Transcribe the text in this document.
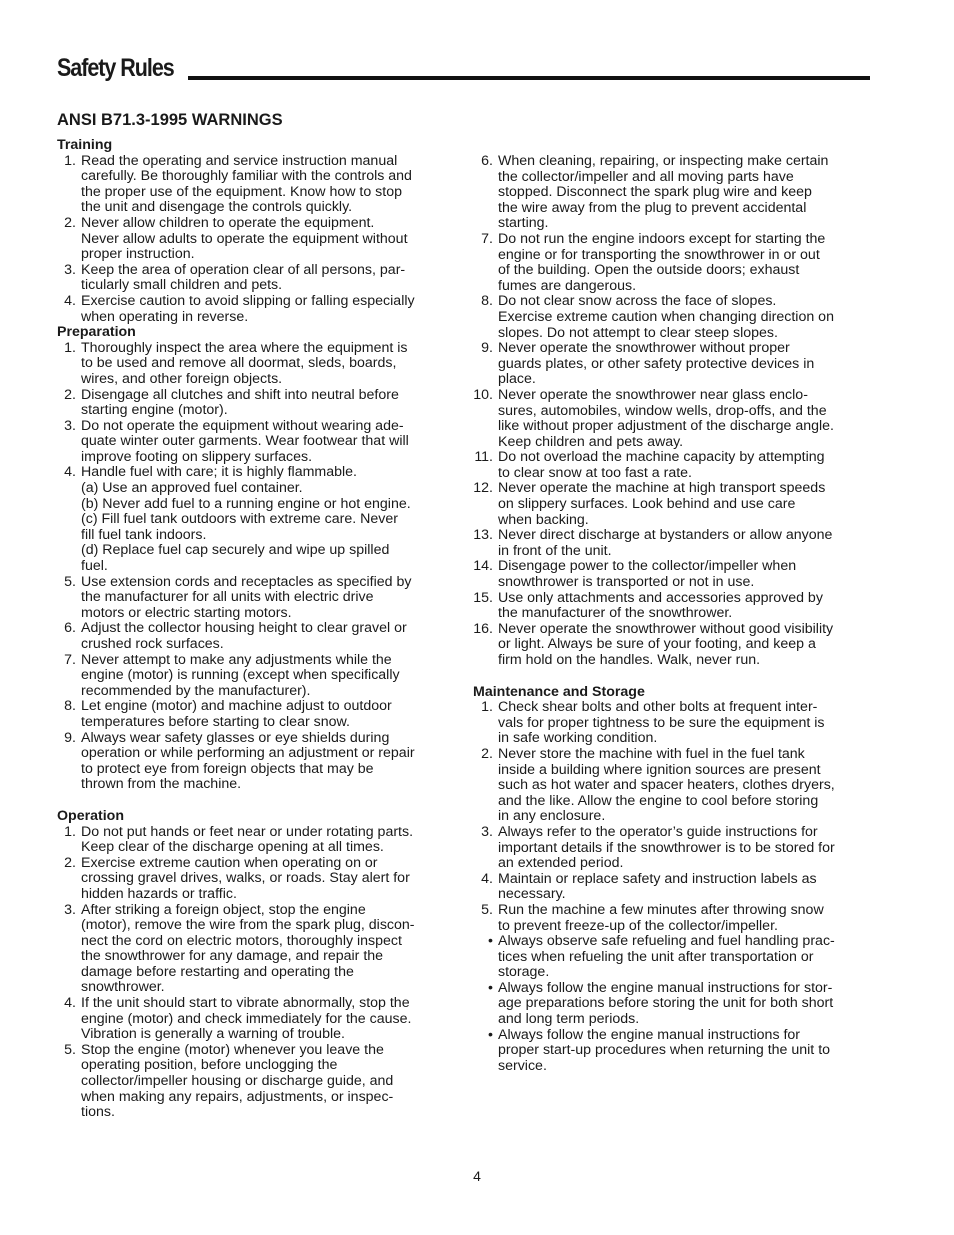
Safety Rules
ANSI B71.3-1995 WARNINGS
Training
1. Read the operating and service instruction manual
carefully. Be thoroughly familiar with the controls and
the proper use of the equipment. Know how to stop
the unit and disengage the controls quickly.
2. Never allow children to operate the equipment.
Never allow adults to operate the equipment without
proper instruction.
3. Keep the area of operation clear of all persons, par-
ticularly small children and pets.
4. Exercise caution to avoid slipping or falling especially
when operating in reverse.
Preparation
1. Thoroughly inspect the area where the equipment is
to be used and remove all doormat, sleds, boards,
wires, and other foreign objects.
2. Disengage all clutches and shift into neutral before
starting engine (motor).
3. Do not operate the equipment without wearing ade-
quate winter outer garments. Wear footwear that will
improve footing on slippery surfaces.
4. Handle fuel with care; it is highly flammable.
(a) Use an approved fuel container.
(b) Never add fuel to a running engine or hot engine.
(c) Fill fuel tank outdoors with extreme care. Never
fill fuel tank indoors.
(d) Replace fuel cap securely and wipe up spilled
fuel.
5. Use extension cords and receptacles as specified by
the manufacturer for all units with electric drive
motors or electric starting motors.
6. Adjust the collector housing height to clear gravel or
crushed rock surfaces.
7. Never attempt to make any adjustments while the
engine (motor) is running (except when specifically
recommended by the manufacturer).
8. Let engine (motor) and machine adjust to outdoor
temperatures before starting to clear snow.
9. Always wear safety glasses or eye shields during
operation or while performing an adjustment or repair
to protect eye from foreign objects that may be
thrown from the machine.
Operation
1. Do not put hands or feet near or under rotating parts.
Keep clear of the discharge opening at all times.
2. Exercise extreme caution when operating on or
crossing gravel drives, walks, or roads. Stay alert for
hidden hazards or traffic.
3. After striking a foreign object, stop the engine
(motor), remove the wire from the spark plug, discon-
nect the cord on electric motors, thoroughly inspect
the snowthrower for any damage, and repair the
damage before restarting and operating the
snowthrower.
4. If the unit should start to vibrate abnormally, stop the
engine (motor) and check immediately for the cause.
Vibration is generally a warning of trouble.
5. Stop the engine (motor) whenever you leave the
operating position, before unclogging the
collector/impeller housing or discharge guide, and
when making any repairs, adjustments, or inspec-
tions.
6. When cleaning, repairing, or inspecting make certain
the collector/impeller and all moving parts have
stopped. Disconnect the spark plug wire and keep
the wire away from the plug to prevent accidental
starting.
7. Do not run the engine indoors except for starting the
engine or for transporting the snowthrower in or out
of the building. Open the outside doors; exhaust
fumes are dangerous.
8. Do not clear snow across the face of slopes.
Exercise extreme caution when changing direction on
slopes. Do not attempt to clear steep slopes.
9. Never operate the snowthrower without proper
guards plates, or other safety protective devices in
place.
10. Never operate the snowthrower near glass enclo-
sures, automobiles, window wells, drop-offs, and the
like without proper adjustment of the discharge angle.
Keep children and pets away.
11. Do not overload the machine capacity by attempting
to clear snow at too fast a rate.
12. Never operate the machine at high transport speeds
on slippery surfaces. Look behind and use care
when backing.
13. Never direct discharge at bystanders or allow anyone
in front of the unit.
14. Disengage power to the collector/impeller when
snowthrower is transported or not in use.
15. Use only attachments and accessories approved by
the manufacturer of the snowthrower.
16. Never operate the snowthrower without good visibility
or light. Always be sure of your footing, and keep a
firm hold on the handles. Walk, never run.
Maintenance and Storage
1. Check shear bolts and other bolts at frequent inter-
vals for proper tightness to be sure the equipment is
in safe working condition.
2. Never store the machine with fuel in the fuel tank
inside a building where ignition sources are present
such as hot water and spacer heaters, clothes dryers,
and the like. Allow the engine to cool before storing
in any enclosure.
3. Always refer to the operator’s guide instructions for
important details if the snowthrower is to be stored for
an extended period.
4. Maintain or replace safety and instruction labels as
necessary.
5. Run the machine a few minutes after throwing snow
to prevent freeze-up of the collector/impeller.
• Always observe safe refueling and fuel handling prac-
tices when refueling the unit after transportation or
storage.
• Always follow the engine manual instructions for stor-
age preparations before storing the unit for both short
and long term periods.
• Always follow the engine manual instructions for
proper start-up procedures when returning the unit to
service.
4
